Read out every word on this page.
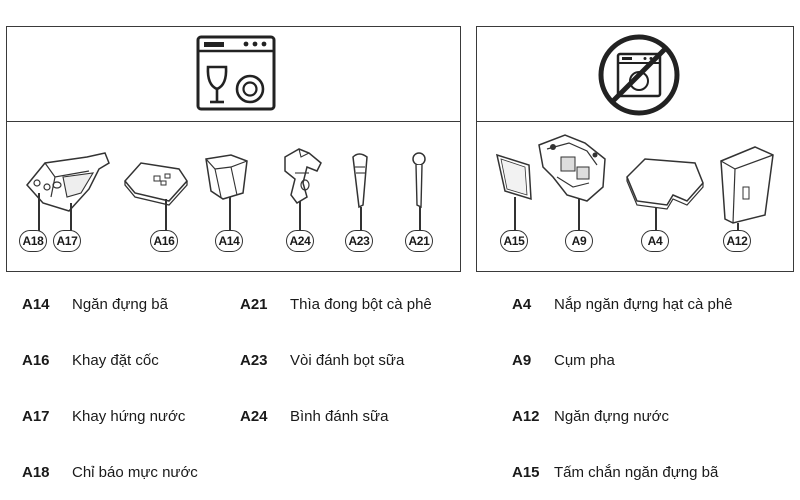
A18 A17	A16	A14	A24	A23	A21	A15	A9	A4	A12
A14 Ngăn đựng bã
A16 Khay đặt cốc
A17 Khay hứng nước
A18 Chỉ báo mực nước
A21 Thìa đong bột cà phê
A23 Vòi đánh bọt sữa
A24 Bình đánh sữa
A4 Nắp ngăn đựng hạt cà phê
A9 Cụm pha
A12 Ngăn đựng nước
A15 Tấm chắn ngăn đựng bã
